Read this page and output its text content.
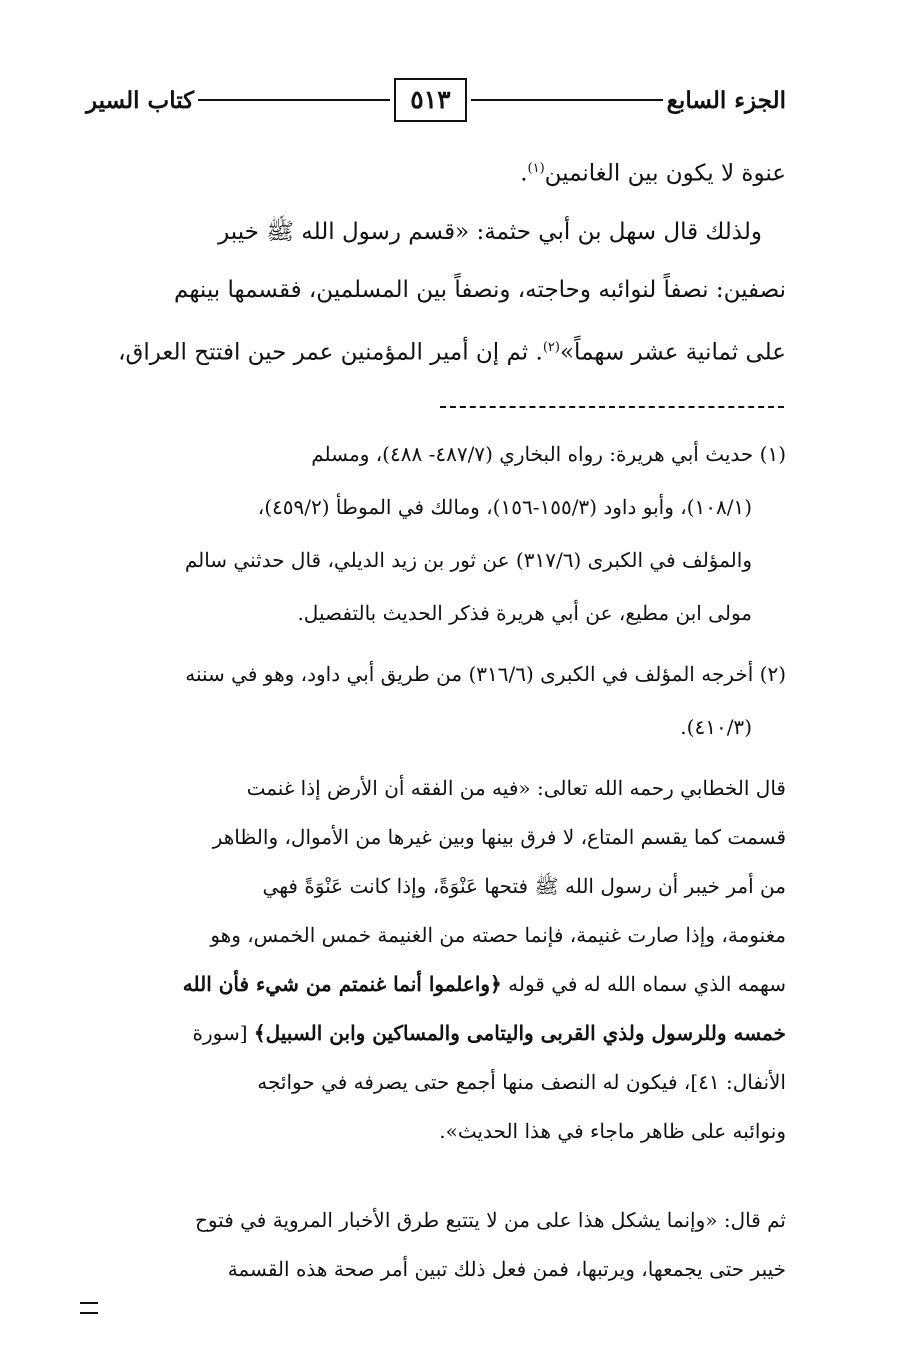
الجزء السابع
٥١٣
كتاب السير
عنوة لا يكون بين الغانمين$^{(١)}$.
ولذلك قال سهل بن أبي حثمة: «قسم رسول الله ﷺ خيبر
نصفين: نصفاً لنوائبه وحاجته، ونصفاً بين المسلمين، فقسمها بينهم
على ثمانية عشر سهماً»$^{(٢)}$. ثم إن أمير المؤمنين عمر حين افتتح العراق،
(١) حديث أبي هريرة: رواه البخاري (٤٨٧/٧- ٤٨٨)، ومسلم
(١٠٨/١)، وأبو داود (١٥٥/٣-١٥٦)، ومالك في الموطأ (٤٥٩/٢)،
والمؤلف في الكبرى (٣١٧/٦) عن ثور بن زيد الديلي، قال حدثني سالم
مولى ابن مطيع، عن أبي هريرة فذكر الحديث بالتفصيل.
(٢) أخرجه المؤلف في الكبرى (٣١٦/٦) من طريق أبي داود، وهو في سننه
(٤١٠/٣).
قال الخطابي رحمه الله تعالى: «فيه من الفقه أن الأرض إذا غنمت
قسمت كما يقسم المتاع، لا فرق بينها وبين غيرها من الأموال، والظاهر
من أمر خيبر أن رسول الله ﷺ فتحها عَنْوَةً، وإذا كانت عَنْوَةً فهي
مغنومة، وإذا صارت غنيمة، فإنما حصته من الغنيمة خمس الخمس، وهو
سهمه الذي سماه الله له في قوله ﴿واعلموا أنما غنمتم من شيء فأن الله
خمسه وللرسول ولذي القربى واليتامى والمساكين وابن السبيل﴾ [سورة
الأنفال: ٤١]، فيكون له النصف منها أجمع حتى يصرفه في حوائجه
ونوائبه على ظاهر ماجاء في هذا الحديث».
ثم قال: «وإنما يشكل هذا على من لا يتتبع طرق الأخبار المروية في فتوح
خيبر حتى يجمعها، ويرتبها، فمن فعل ذلك تبين أمر صحة هذه القسمة
